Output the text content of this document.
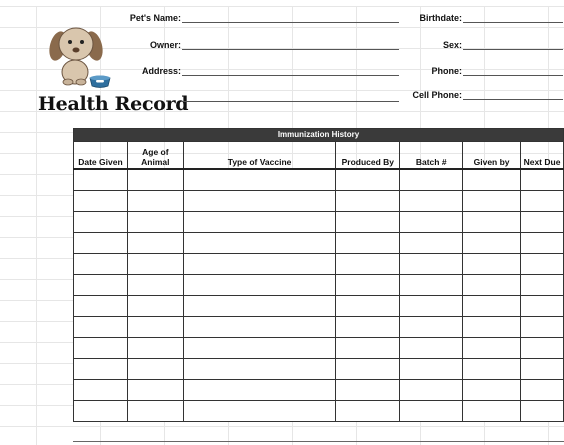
Health Record
Pet's Name:
Owner:
Address:
Birthdate:
Sex:
Phone:
Cell Phone:
Immunization History						
Date Given	Age of Animal	Type of Vaccine	Produced By	Batch #	Given by	Next Due
